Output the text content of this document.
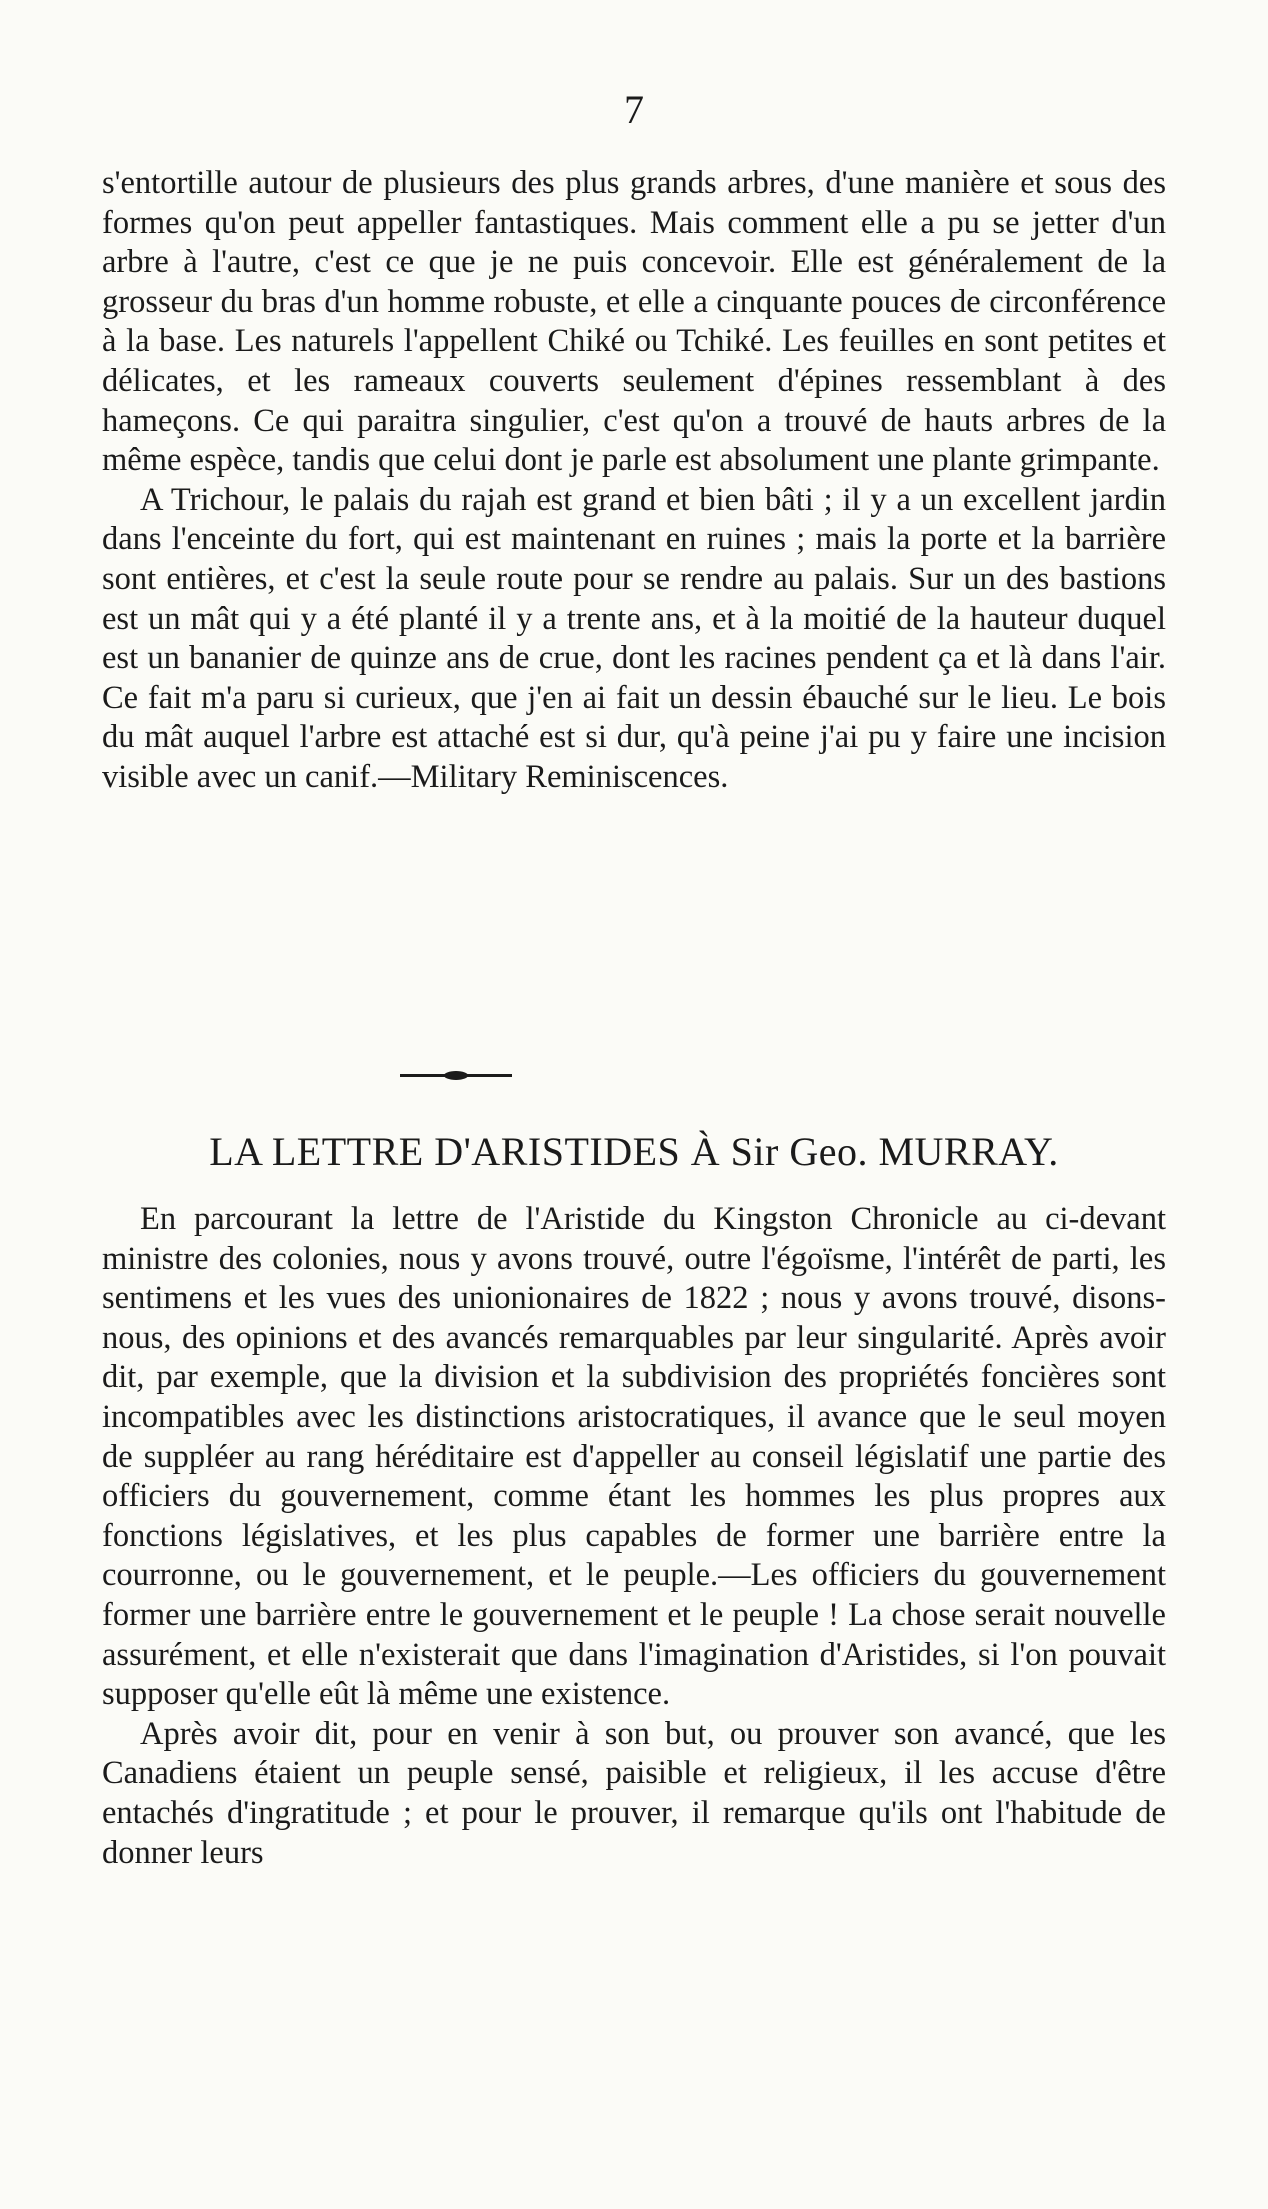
7

s'entortille autour de plusieurs des plus grands arbres, d'une manière et sous des formes qu'on peut appeller fantastiques. Mais comment elle a pu se jetter d'un arbre à l'autre, c'est ce que je ne puis concevoir. Elle est généralement de la grosseur du bras d'un homme robuste, et elle a cinquante pouces de circonférence à la base. Les naturels l'appellent Chiké ou Tchiké. Les feuilles en sont petites et délicates, et les rameaux couverts seulement d'épines ressemblant à des hameçons. Ce qui paraitra singulier, c'est qu'on a trouvé de hauts arbres de la même espèce, tandis que celui dont je parle est absolument une plante grimpante.

A Trichour, le palais du rajah est grand et bien bâti ; il y a un excellent jardin dans l'enceinte du fort, qui est maintenant en ruines ; mais la porte et la barrière sont entières, et c'est la seule route pour se rendre au palais. Sur un des bastions est un mât qui y a été planté il y a trente ans, et à la moitié de la hauteur duquel est un bananier de quinze ans de crue, dont les racines pendent ça et là dans l'air. Ce fait m'a paru si curieux, que j'en ai fait un dessin ébauché sur le lieu. Le bois du mât auquel l'arbre est attaché est si dur, qu'à peine j'ai pu y faire une incision visible avec un canif.—Military Reminiscences.

LA LETTRE D'ARISTIDES À Sir Geo. MURRAY.

En parcourant la lettre de l'Aristide du Kingston Chronicle au ci-devant ministre des colonies, nous y avons trouvé, outre l'égoïsme, l'intérêt de parti, les sentimens et les vues des unionionaires de 1822 ; nous y avons trouvé, disons-nous, des opinions et des avancés remarquables par leur singularité. Après avoir dit, par exemple, que la division et la subdivision des propriétés foncières sont incompatibles avec les distinctions aristocratiques, il avance que le seul moyen de suppléer au rang héréditaire est d'appeller au conseil législatif une partie des officiers du gouvernement, comme étant les hommes les plus propres aux fonctions législatives, et les plus capables de former une barrière entre la courronne, ou le gouvernement, et le peuple.—Les officiers du gouvernement former une barrière entre le gouvernement et le peuple ! La chose serait nouvelle assurément, et elle n'existerait que dans l'imagination d'Aristides, si l'on pouvait supposer qu'elle eût là même une existence.

Après avoir dit, pour en venir à son but, ou prouver son avancé, que les Canadiens étaient un peuple sensé, paisible et religieux, il les accuse d'être entachés d'ingratitude ; et pour le prouver, il remarque qu'ils ont l'habitude de donner leurs
